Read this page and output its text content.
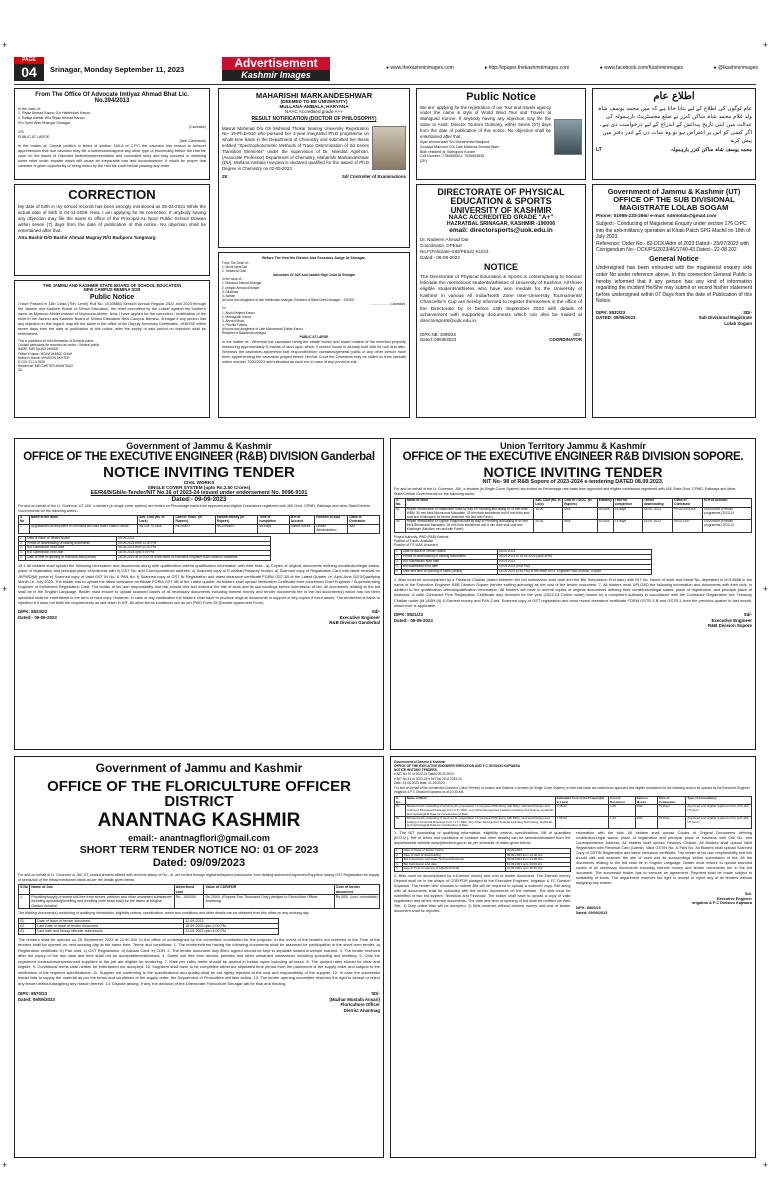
+	+
+	+
+	+
PAGE
04	Srinagar, Monday September 11, 2023	Advertisement
Kashmir Images
● www.thekashmirimages.com	● http://epaper.thekashmirimages.com	● www.facebook.com/Kashmirimages	● @Ikashmirimages
From The Office Of Advocate Imtiyaz Ahmad Bhat Lic. No.394/2013
In the case of:
1. Riyaz Ahmad Kanoo S/o Habibullah Kanoo
2. Rafiqa Akhtar W/o Riyaz Ahmad Kanoo
R/o Syed Wari Khanyar Srinagar
(Caveator)
V/S
PUBLIC AT LARGE
(Non Caveators)
In the matter of: Caveat petition in terms of section 148-A of C.P.C the caveator has reason to believe/ apprehension that non caveator may file a suit/revision/appeal any other type of proceeding before the Hon'ble court on the bases of Distorted facts/misrepresentation and concealed story and may succeed in obtaining some relief under exparte which will cause an irreparable loss and inconvenience. It would be proper that caveator is given opportunity of being heard by the Hon'ble court before passing any order.
CORRECTION
My date of birth in my school records has been wrongly mentioned as 05-03-2021 While the actual date of birth is 04-11-2008. Now, I am applying for its correction. If anybody having any objection may file the same to office of the Principal AL Noor Public School Dolwan within seven (7) days from the date of publication of this notice. No objection shall be entertained after that.
Atra Bashir D/O Bashir Ahmad Magray R/O Badipora Tangmarg
THE JAMMU AND KASHMIR STATE BOARD OF SCHOOL EDUCATION
NEW CAMPUS BEMINA SGR
Public Notice
I have Passed in 11th Class (Tbh. Level) Roll No. 10108863 Session Annual Regular 2022 and 2023 through the Jammu and Kashmir Board of School Education, the relief committed by the Lobsel against my Mother's name as Mymoon Akhter instead of Mymoona Akhter. Now, I have applied for the correction / rectification of the relief in the Jammu and Kashmir Board of School Education New Campus Bemina, Srinagar if any person has any objection in this regard, may file the same in the office of the Deputy Secretary Certificates, JKBOSE within seven days from the date of publication of this notice, after the expiry of said period no objection shall be entertained.
This is published for the information of General public.
Contact particulars be recorded as under:- General public,
NAME: MIR SAJAD AHMAD
Father's Name: MOLVI AHMAD SHAH
Mother's Name: MYMOON AKHTER
D.O.B: 01-10-2008
Residence: MIR DHETER ANANTNAG
ZA
MAHARISHI MARKANDESHWAR
(DEEMED TO BE UNIVERSITY)
MULLANA-AMBALA, HARYANA
NAAC Accredited grade A++
RESULT NOTIFICATION (DOCTOR OF PHILOSOPHY)
Masrat Mohmad D/o Gh Mohmad Thokar bearing University Registration No- 19-Ph.D-010 who pursued her 3-year integrated Ph.D programme on whole-time basis in the Department of Chemistry and submitted her thesis entitled "Spectrophotometric Methods of Trace Determination of Sd Series Transition Elements" under the supervision of Dr. Nivedita Agnihotri, (Associate Professor) Department of Chemistry, Maharishi Markandeshwar (DU), Mullana-Ambala Haryana is declared qualified for the award of Ph.D Degree in Chemistry on 02-09-2023.
ZK	Sd/ Controller of Examinations
Before The Hon'ble District And Sessions Judge At Srinagar.
From The Desk of:-
1. Munir Iqbal Dar
2. Tamanna Gazi
Advocates Of J&K And Ladakh High Court At Srinagar
In the case of:-
1. Manzoor Ahmad Ahangar
2. Imtiyaz Ahmad Ahangar
3. Dilafroza
4. Ashiae
All sons and daughters of late Habibullah Ahangar. Resident of Batal Dorisi srinagar. - 190002
.......................Caveators.
Vs
1. Abdul Majeed Kanoo
2. Mehrajudin Kanoo
3. Ahmed Moos,
4. Pinchtu Fatima,
All sons and daughters of Late Mohammad Sultan Kanoo
Resident of Batadomti,srinagar
PUBLIC AT LARGE
In the matter of:- Whereas the caveators being the estate holder and share holders of the inherited property measuring approximately 6 marlas of land upon which 3 storied house is already built with its roof and attic. Whereas the caveators apprehend that respondent/non caveators/general public or any other person have been apprehending the caveators prayed before Hon'ble Court the Caveators may be called on their caveats notice number 7090/2023 and intimated as such nor in case of any previous suit.
Public Notice
We are: applying for the registration of our Tour and travels agency under the name & style of World Wind Tour and Travels at Wahigund Kunzer. If anybody having any objection may file the same to Asstt. Director Tourism Gulmarg, within Seven (07) days from the date of publication of this notice. No objection shall be entertained after that.
Aijaz ahmad wani S/o Mohammad Maqbool
Gousiya Manzoor D/o Late Manzoor Ahmad Wani
Both resident of: Wahigund Kunzer
Cell Number:-7780859001, 7006553838
(ZK)
اطلاع عام
عام لوگوں کی اطلاع کے لیے بتایا جاتا ہے کہ میں محمد یوسف شاہ ولد غلام محمد شاہ ساکن کنزر نے ضلع مجسٹریٹ بارہمولہ کی عدالت میں اپنی تاریخ پیدائش کے اندراج کے لیے درخواست دی ہے۔ اگر کسی کو اس پر اعتراض ہو تو وہ سات دن کے اندر دفتر میں پیش کرے
LT	محمد یوسف شاہ ساکن کنزر بارہمولہ
DIRECTORATE OF PHYSICAL
EDUCATION & SPORTS
UNIVERSITY OF KASHMIR
NAAC ACCREDITED GRADE "A+"
HAZRATBAL SRINAGAR, KASHMIR -190006
email: directorsports@uok.edu.in
Dr. Nadeem Ahmad Dar
Coordinator, DPE&S
No.F(Felicitate-IUD/PE&S) KU/23
Dated:- 08-09-2023
NOTICE
The Directorate of Physical Education & Sports is contemplating to honour/ felicitate the meritorious students/athletes of University of Kashmir. All those eligible students/athletes who have won medals for the University of Kashmir in various All India/North Zone Inter-University Tournaments/ Chancellor's Cup are hereby informed to register themselves in the office of the Directorate by or before 14th September 2023 with details of achievement with supporting documents which can also be mailed at directorsports@uok.edu.in.
DIPK.NB: 3099/23
Dated: 09/09/2023
SD/-
COORDINATOR
Government of Jammu & Kashmir (UT)
OFFICE OF THE SUB DIVISIONAL
MAGISTRATE LOLAB SOGAM
Phone: 01955-233-266// e-mail: sdmlolab@gmail.com
Subject:- Conducting of Magisterial Enquiry under section 176 CrPC into the anti-militancy operation at Khaki Patch SPG Machil on 19th of July 2023.
Reference: Order No:- 82-DCK/Adm of 2023 Dated:- 25/07/2023 with Corrigendum No:- DCK/PS/2023/46/1740-43 Dated:- 22-08 202
General Notice
Undersigned has been entrusted with the magisterial enquiry vide order No under reference above, In this connection General Public is hereby informed that if any person has any kind of information regarding the incident He/She may submit or record his/her statement before undersigned within 07 Days from the date of Publication of this Notice.
DIPK: 8532/23
DATED: 09/09/2023
SD/-
Sub Divisional Magistrate
Lolab Sogam
Government of Jammu & Kashmir
OFFICE OF THE EXECUTIVE ENGINEER (R&B) DIVISION Ganderbal
NOTICE INVITING TENDER
CIVIL WORKS
SINGLE COVER SYSTEM (upto Rs.2.50 Crores)
EE/R&B/Gbl/e-Tender/NIT No.16 of 2023-24 issued under endorsement No. 9096-9101
Dated:- 09-09-2023
For and on behalf of the Lt. Governor, UT J&K, e-tenders (in single cover system) are invited on Percentage basis from approved and eligible Contractors registered with J&K Govt. CPWD, Railways and other State/Central Governments for the following works:-
S. No	Name of the Work	Adv. Cost (Rs. in Lacs)	Cost of T/Doc. (In Rupees)	Earnest Money (In Rupees)	Time of completion	M.H of Account	Position of AAA	Class of Contractor
1	Upgradation/Development of Shuhama link road under District Sector	Rs.104.70 Lacs	Rs.2600/=	Rs.209560/=	45-Days	District Sector	District Administration	AAY
1.	Date of Issue of Tender Notice	09-09-2023
2.	Period of downloading of bidding documents	09-09-2023 from 12:00 PM
3.	Bid Submission Start Date	09-09-2023 from 12:00 PM
4.	Bid Submission End Date	16-09-2023 upto 4:00 PM
5.	Date of time of opening of Technical Bids(Online)	18-09-2023 at 10:00 A.M in the office of Executive Engineer R&B Division Ganderbal
15.1 All bidders shall upload the following information and documents along with qualification criteria qualification information with their bids:- a) Copies of original documents defining constitution/legal status, place of registration and principal place of business with b) GST No. and Correspondence address. c) Scanned copy of E-challan/Treasury receipt. d) Scanned copy of Registration Card with latest renewal on JKPWD(M) portal e) Scanned copy of Valid GST IN No. & PAN No. f) Scanned copy of GST IN Registration and latest clearance certificate FORM GST-3B of the Latest Quarter i.e. April-June 2023/Qualifying Month i.e. July 2023. The bidder has to upload the latest clearance certificate FORM GST-3B of the Latest quarter. All bidders shall upload Verification Certificate from concerned Chief Engineer / Superintending Engineer of Enlistment Registration Card. The bidder at his own responsibility and risk should visit and examine the site of work and its surroundings before submission of bid. All documents relating to the bid shall be in the English Language. Bidder must ensure to upload scanned copies of all necessary documents including earnest money and tender documents fee in the bid document(s) which has not been uploaded shall be entertained in the form of hard copy. However, in case of any clarification the bidders shall have to produce original documents in support of key copies if need arises. The tender/bid is liable to rejection if it does not fulfill the requirements as laid down in NIT. All other terms conditions are as per PWD Form 25 (Double agreement Form).
DIPK: 8533/23
Dated:- 09-09-2023
Sd/-
Executive Engineer
R&B Division Ganderbal
Union Territory Jammu & Kashmir
OFFICE OF THE EXECUTIVE ENGINEER R&B DIVISION SOPORE.
NOTICE INVITING TENDER
NIT No- 98 of R&B Sopore of 2023-2024 e-tendering DATED 08.09.2023.
For and on behalf of the Lt. Governor, J&K, e-tenders (in Single Cover System) are invited on Percentage rate basis from approved and eligible contractors registered with J&K State Govt. CPWD, Railways and other State/Central Governments for the following works:
S. No.	Name of Work	Adv. Cost (Rs. In Lacs)	Cost of T/DOC. (In Rupees)	E/Money	Time for completion	Tender downloading	Class of Contractor	M.H of Account
01	Repair /Restoration of Habibullah Road by way of Providing and laying of 75 mm thick WBM, 50 mm thick Bituminous Macadam, 25 mm thick semidense and 6 mm thick seal coat and Khaibapine for berms (Machine mix laid with Paver).	15.00	600/-	30,000/-	15 days	16.09. 2023	REG/CEE/DEE	DISA MAIR (Pothole programme) 2023-24
02	Repair /Restoration of Sopore Sugipora road by way of Providing and laying of 50 mm thick Bituminous Macadam, 25 mm thick semidense and 6 mm thick seal coat and Khaibapin (Machine mix laid with Paver)	20.00	800/-	40,000/-	15 days	16.09. 2023	REG/ CEE	DISA MAIR (Pothole programme) 2023-24
Project Authority: PWD (R&B) Kashmir.
Position of Funds: Available
Position of T.S /AAA: Accorded
1	Date of issue of Tender Notice	08.09.2023
2	Period of downloading of bidding documents	09.09.2023 to 15.09.2023 (upto 4PM)
3	Bid Submission start date	09.09.2023
4	Bid submission End date	15.09.2023 (4:00 PM)
5	Date and time of opening of bides (online)	16.09.2023 (4:30 PM) in the office of Ex. Engineer R&B Division, Sopore
2. Bids must be accompanied by a Treasury Challan (dated between the bid submission start date and the Bid Submission End date) with NIT No. Name of work and Serial No. deposited in M.H.8658 in the name of the Executive Engineer R&B Division Sopore (tender inviting authority) as the cost of the tender document. 7. All bidders must UPLOAD the following information and documents with their bids, in addition to the qualification criteria/qualification information. All bidders will have to submit copies of original documents defining their constitution/legal status, place of registration, and principal place of business. A valid Contractor Firm Registration Certificate duly renewed for the year (2023-24 Online mode) issued by a competent authority in accordance with the Contractor Registration Act. Treasury Challan under (M.)4059 (II) & Earnest money and PAN Card. Scanned copy of GST registration and most recent clearance certificate FORM GSTR-3 B and GSTR-1 from the previous quarter to last month, which ever is applicable.
DIPK: 8521/23
Dated:- 09-09-2023
Sd/-
Executive Engineer
R&B Division Sopore
Government of Jammu and Kashmir
OFFICE OF THE FLORICULTURE OFFICER DISTRICT
ANANTNAG KASHMIR
email:- anantnagflori@gmail.com
SHORT TERM TENDER NOTICE NO: 01 OF 2023
Dated: 09/09/2023
For and on behalf of Lt. Governor of J&K UT, sealed tenders affixed with revenue stamp of Rs:- 4/- are invited through registered/speed post/courier from dealing authorized Agencies/Suppliers having GST Registration for supply of seeds/soil of the below mentioned ideas as per the details given below.
S.No	Name of Job	Advertised cost	Value of CDR/FDR	Cost of tender document
1.	Providing/supply of sweet soil free from stones, pebbles and other unwanted substances including spreading/levelling and levelling (with head load) for the lawns at Mughal Garden Achabal	Rs:- 100000/-	Rs.2000/- (Rupees Two Thousand Only) pledged to Floriculture Officer Anantnag	Rs.500/- (non- refundable)
The bidding document(s) consisting of qualifying information, eligibility criteria, specification, terms and conditions and other details can be obtained from this office on any working day.
01.	Date of issue of tender document	12-09-2023
02.	Last Date of issue of tender document	18-09-2023 upto 2:00 PM
03.	Last date and timing offender submission	22-09-2023 upto 4:00 PM
The tenders shall be opened on 25 September 2023 at 11:00 AM. In the office of undersigned by the committee constituted for the purpose. In the event of the tenders not received in the Time of the tenders shall be opened on next working day at the same time. Terms and conditions: 1. The tenderer/firms having the following documents shall be assumed for participation in the short term tender. a) Registration certificate. b) Pan card. c) GST Registration. d) Adhaar Card. e) CDR. 2. The tender document duly filled, signed should be kept in separate sealed envelope marked. 3. The tender received after the expiry of the due date and time shall not be acceptable/entertained. 4. Sweet soil free from stones, pebbles and other unwanted substances including spreading and levelling. 5. Only the registered contractors/experienced suppliers in the job are eligible for tendering. 7. Rate per cubic meter should be quoted in Indian rupee including all taxes. 8. The quoted rates should be clear and eligible. 9. Conditional terms shall neither be entertained nor accepted. 10. Suppliers shall have to be completed within the stipulated time period from the placement of the supply order and subject to the verification of the required specifications. 11. Supplier not confirming to the specifications and quality shall be out rightly rejected at the cost and responsibility of the supplier. 12. In case the successful bidder fails to supply the material as per the terms and conditions of the supply order, the Department of Floriculture will take action. 13. The tender opening committee reserves the right to accept or reject any tender without assigning any reason thereof. 14. Dispute arising, if any, the decision of the Directorate Floriculture Srinagar will be final and binding.
DIPK: 8570/23
Dated: 09/09/2023
SD/-
(Mazhar Mustafa Ansari)
Floriculture Officer
District Anantnag
Government of Jammu & Kashmir
OFFICE OF THE EXECUTIVE ENGINEER IRRIGATION AND F C DIVISION KUPWARA
NOTICE INVITING TENDERS
e-NIT No 97 of 2023-24 Dated:09.09.2023
e-NIT No.14 of 2023-24 e-NIT No 26 of 2023-24
Date: 24-08-2023 Date: 01-09-2023
For and on behalf of the Lieutenant Governor, Union Territory of Jammu and Kashmir, e-tenders (in Single Cover System) on item rate basis are invited from approved and eligible contractors for the following work to be opened by the Executive Engineer Irrigation & F C Division Kupwara on at 10:30 AM.
S. No.	Name of Work	Estimated Cost of the Project (Rs in Lacs)	Cost of Document	Earnest Money	Time of Completion	Type of Consultancy
01	Revised work: Awarding of services for preparation of complete DPR along with BOQ, structural Design and vetting of Structural Drawings from I.I.T / REC. Any Other Recognized Institute including Soil Testing, Hydraulic and Hydrological Data for construction of Dam.	1.55.00	1.25	200/-	15 Days	Approved and eligible registered firm with J&K UT Govt.
02	Revised work: Awarding of services for preparation of complete DPR along with BOQ, structural Design and vetting of structural Drawings from I.I.T / REC. Any Other Recognized Institute including Soil testing, Hydraulic and Hydrological Data for construction of Dam.	1.55.00	1.25	200/-	15 Days	Approved and eligible registered firm with J&K UT Govt.
1. The NIT (consisting of qualifying information, eligibility criteria, specifications, Bill of quantities (B.O.Q.), Set of terms and conditions of contract and other details) can be seen/downloaded from the departmental website www.jktenders.gov.in as per schedule of dates given below:
1	Date of Issue of Tender Notice	09.09.2023
2	Date of start of downloading	09.09.2023 from 14:00 Hrs.
3	Bid submission start Date Technical/Financial	09.09.2023 from 14:00 Hrs.
4	Bid Submission end date	14.09.2023 upto 16:00 Hrs
5	Date & Time of opening of bids(Technical)	15.09.2023 upto 10:30 Hrs
2. Bids must be accompanied by e-Earnest money and cost of tender document. The Earnest money Deposit shall be in the shape of CDR/FDR pledged to the Executive Engineer, Irrigation & FC Division Kupwara. The bidder who chooses to submit Bid will be required to upload a scanned copy. Bid along with all documents shall be uploaded with the tender documents on the website. The bids must be submitted in two bid system: Technical and Financial. The bidder shall have to upload a copy of valid registration and all the relevant documents. The date and time of opening of bid shall be notified via Web Site. 1) Only online bids will be accepted. 2) Bids received without earnest money and cost of tender document shall be rejected.
information with the bids. All bidders shall upload Copies of Original Documents defining constitution/Legal status, place of registration and principal place of business with Cell No. and Correspondence Address. All bidders shall upload Treasury Challan. All Bidders shall upload Valid Registration with Renewal Card (Latest). Valid GSTIN No. & PAN No. All Bidders shall upload Scanned Copy of GSTIN Registration and latest clearance certificate. The bidder at his own responsibility and risk should visit and examine the site of work and its surroundings before submission of bid. All the documents relating to the bid shall be in English Language. Bidder must ensure to upload scanned copies of all necessary documents including earnest money and tender documents fee in the bid document. The successful bidder has to execute an agreement. Payment shall be made subject to availability of funds. The department reserves the right to accept or reject any or all tenders without assigning any reason.
Sd/-
Executive Engineer
Irrigation & F C Division Kupwara
DIPK: 8560/23
Dated: 09/09/2023
